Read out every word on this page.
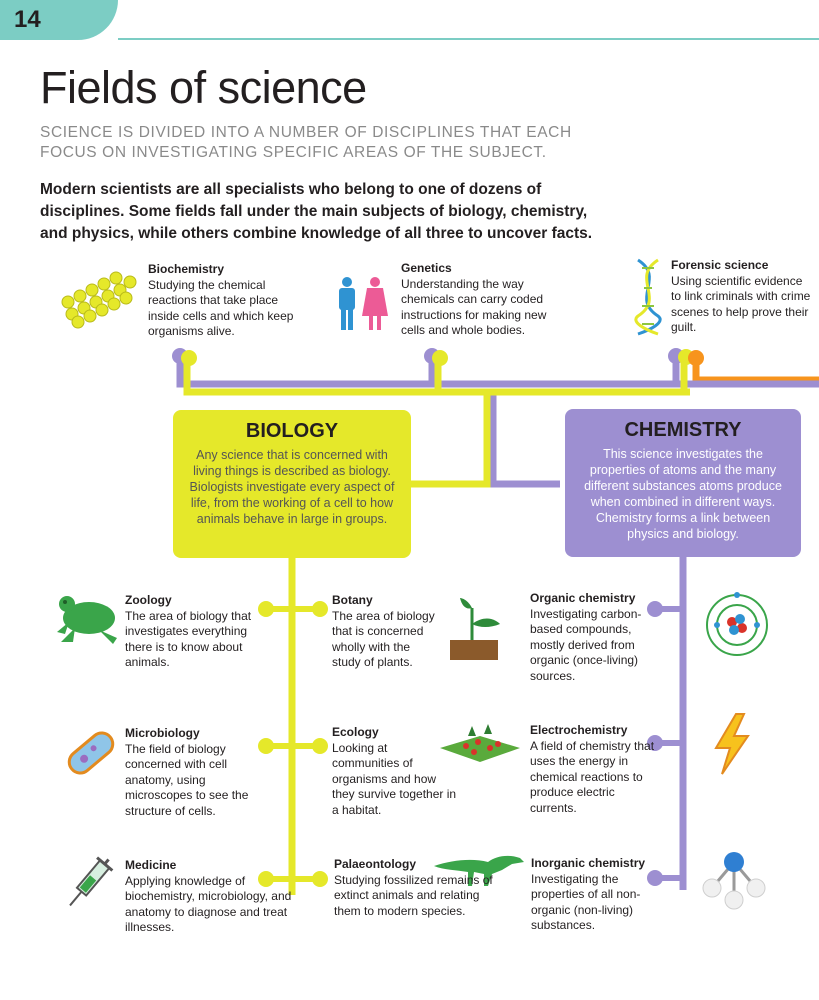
14
Fields of science
SCIENCE IS DIVIDED INTO A NUMBER OF DISCIPLINES THAT EACH FOCUS ON INVESTIGATING SPECIFIC AREAS OF THE SUBJECT.
Modern scientists are all specialists who belong to one of dozens of disciplines. Some fields fall under the main subjects of biology, chemistry, and physics, while others combine knowledge of all three to uncover facts.
Biochemistry
Studying the chemical reactions that take place inside cells and which keep organisms alive.
Genetics
Understanding the way chemicals can carry coded instructions for making new cells and whole bodies.
Forensic science
Using scientific evidence to link criminals with crime scenes to help prove their guilt.
BIOLOGY
Any science that is concerned with living things is described as biology. Biologists investigate every aspect of life, from the working of a cell to how animals behave in large in groups.
CHEMISTRY
This science investigates the properties of atoms and the many different substances atoms produce when combined in different ways. Chemistry forms a link between physics and biology.
Zoology
The area of biology that investigates everything there is to know about animals.
Microbiology
The field of biology concerned with cell anatomy, using microscopes to see the structure of cells.
Medicine
Applying knowledge of biochemistry, microbiology, and anatomy to diagnose and treat illnesses.
Botany
The area of biology that is concerned wholly with the study of plants.
Ecology
Looking at communities of organisms and how they survive together in a habitat.
Palaeontology
Studying fossilized remains of extinct animals and relating them to modern species.
Organic chemistry
Investigating carbon-based compounds, mostly derived from organic (once-living) sources.
Electrochemistry
A field of chemistry that uses the energy in chemical reactions to produce electric currents.
Inorganic chemistry
Investigating the properties of all non-organic (non-living) substances.
